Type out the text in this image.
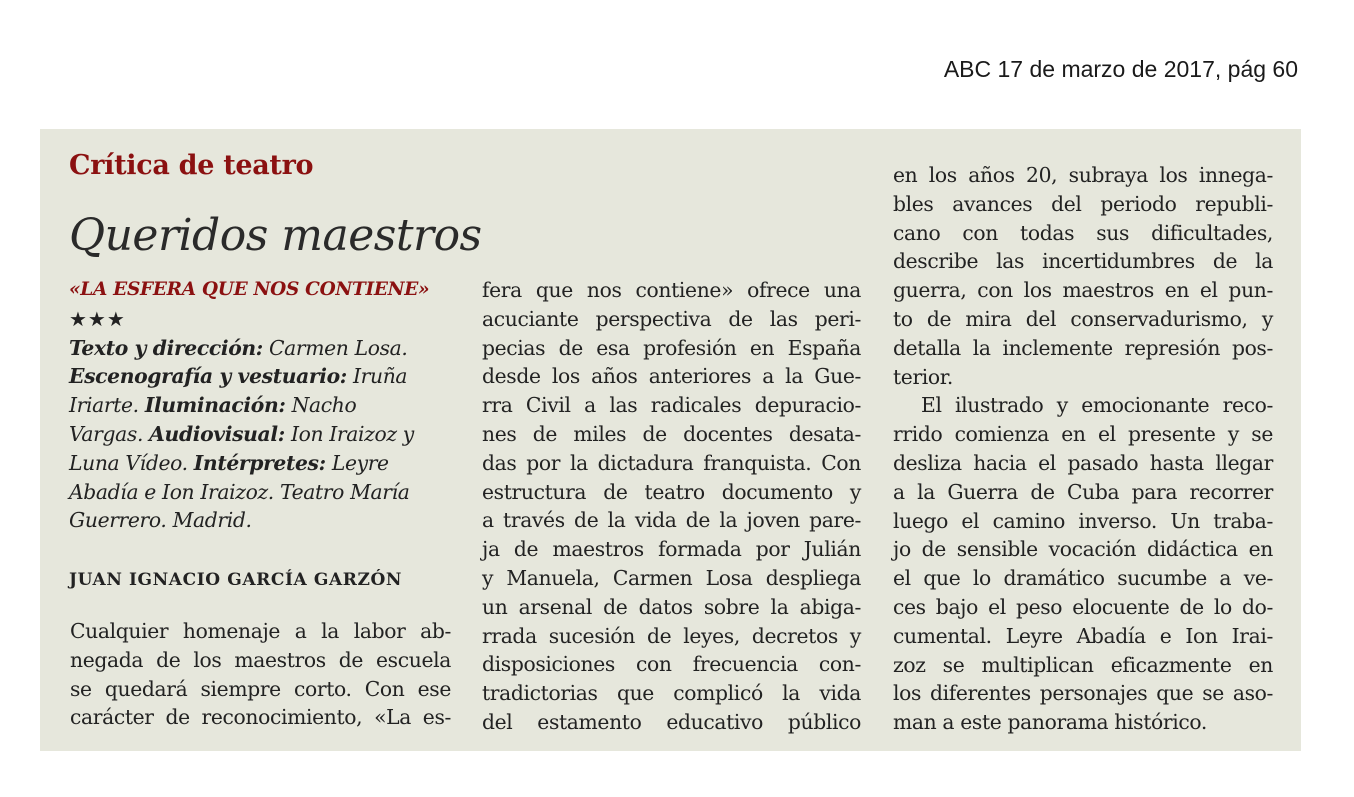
ABC 17 de marzo de 2017, pág 60
Crítica de teatro
Queridos maestros
«LA ESFERA QUE NOS CONTIENE»
★★★
Texto y dirección: Carmen Losa.
Escenografía y vestuario: Iruña
Iriarte. Iluminación: Nacho
Vargas. Audiovisual: Ion Iraizoz y
Luna Vídeo. Intérpretes: Leyre
Abadía e Ion Iraizoz. Teatro María
Guerrero. Madrid.
JUAN IGNACIO GARCÍA GARZÓN
Cualquier homenaje a la labor ab-
negada de los maestros de escuela
se quedará siempre corto. Con ese
carácter de reconocimiento, «La es-
fera que nos contiene» ofrece una
acuciante perspectiva de las peri-
pecias de esa profesión en España
desde los años anteriores a la Gue-
rra Civil a las radicales depuracio-
nes de miles de docentes desata-
das por la dictadura franquista. Con
estructura de teatro documento y
a través de la vida de la joven pare-
ja de maestros formada por Julián
y Manuela, Carmen Losa despliega
un arsenal de datos sobre la abiga-
rrada sucesión de leyes, decretos y
disposiciones con frecuencia con-
tradictorias que complicó la vida
del estamento educativo público
en los años 20, subraya los innega-
bles avances del periodo republi-
cano con todas sus dificultades,
describe las incertidumbres de la
guerra, con los maestros en el pun-
to de mira del conservadurismo, y
detalla la inclemente represión pos-
terior.
El ilustrado y emocionante reco-
rrido comienza en el presente y se
desliza hacia el pasado hasta llegar
a la Guerra de Cuba para recorrer
luego el camino inverso. Un traba-
jo de sensible vocación didáctica en
el que lo dramático sucumbe a ve-
ces bajo el peso elocuente de lo do-
cumental. Leyre Abadía e Ion Irai-
zoz se multiplican eficazmente en
los diferentes personajes que se aso-
man a este panorama histórico.
